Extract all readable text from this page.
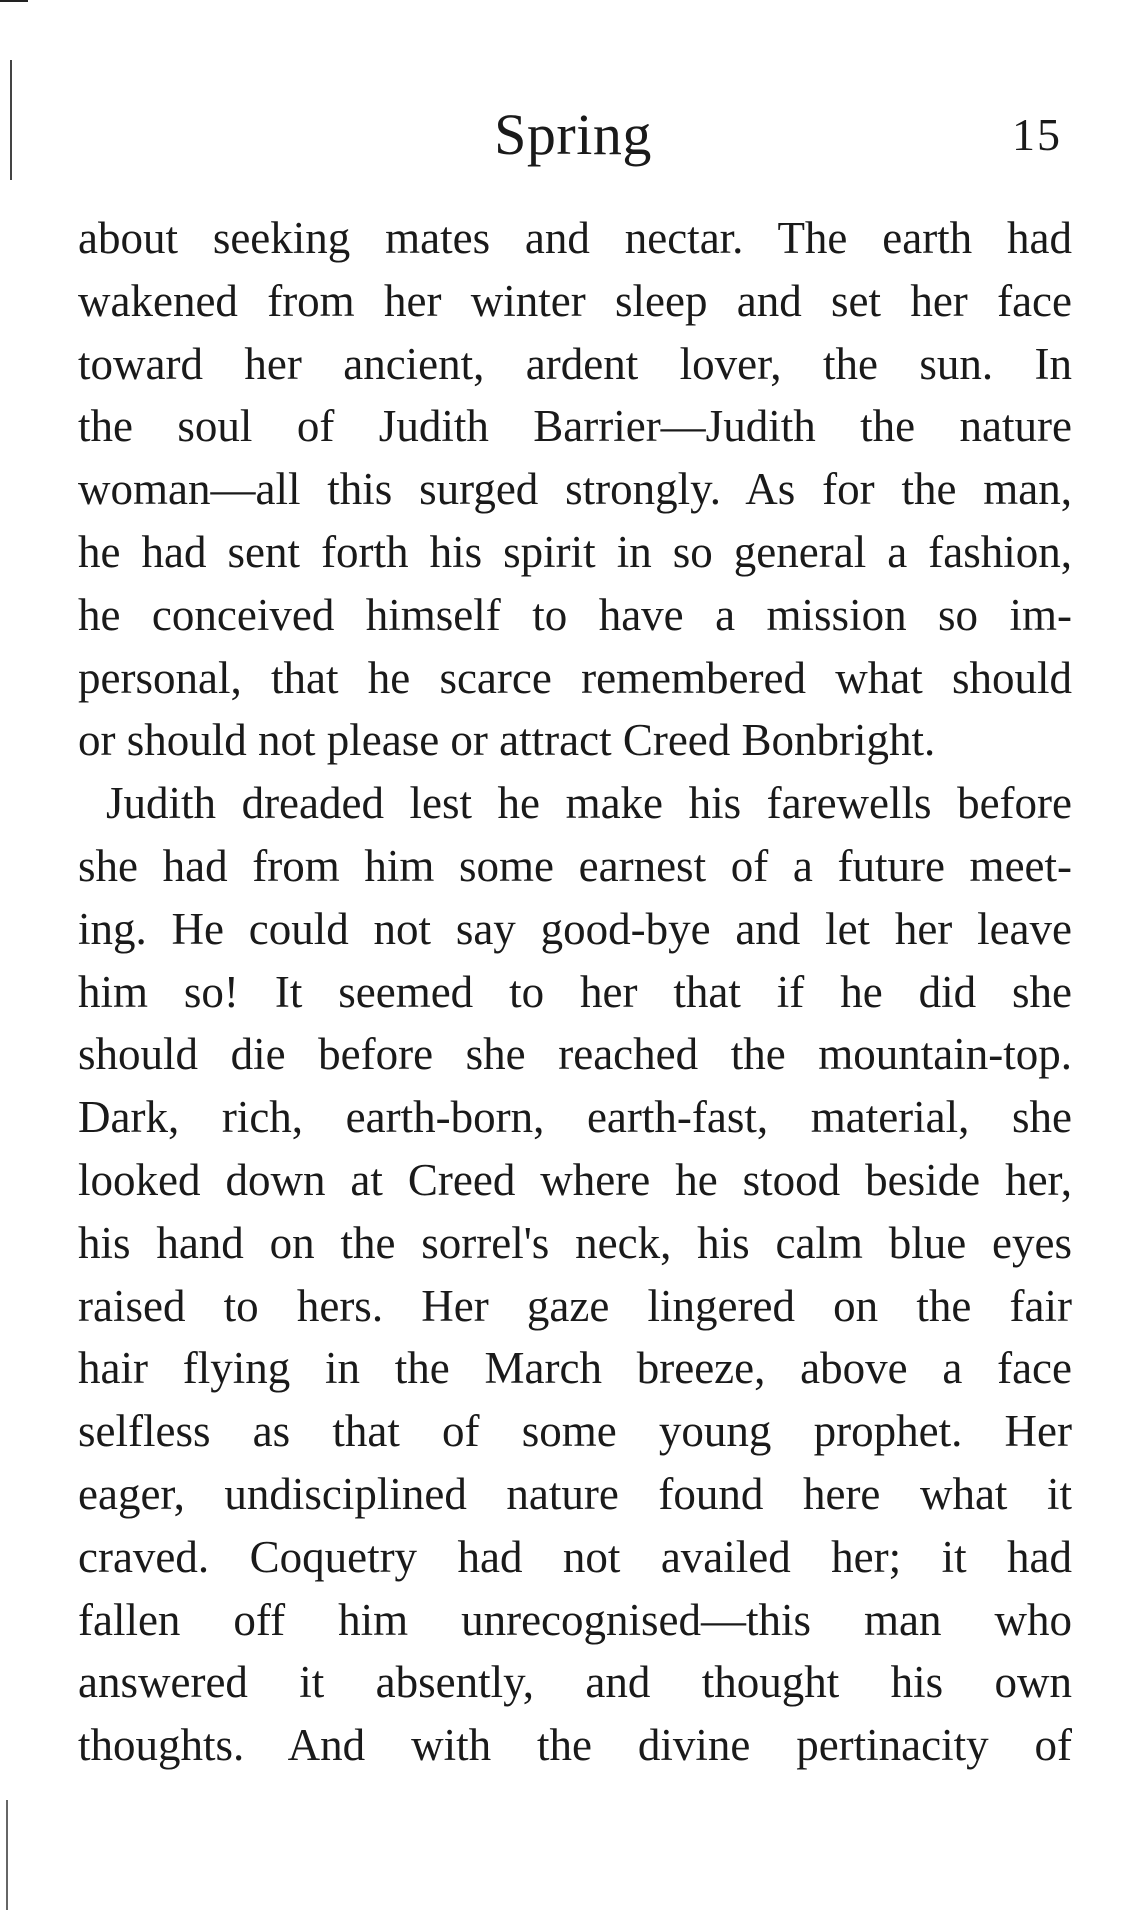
Spring	15
about seeking mates and nectar. The earth had
wakened from her winter sleep and set her face
toward her ancient, ardent lover, the sun. In
the soul of Judith Barrier—Judith the nature
woman—all this surged strongly. As for the man,
he had sent forth his spirit in so general a fashion,
he conceived himself to have a mission so im-
personal, that he scarce remembered what should
or should not please or attract Creed Bonbright.
Judith dreaded lest he make his farewells before
she had from him some earnest of a future meet-
ing. He could not say good-bye and let her leave
him so! It seemed to her that if he did she
should die before she reached the mountain-top.
Dark, rich, earth-born, earth-fast, material, she
looked down at Creed where he stood beside her,
his hand on the sorrel's neck, his calm blue eyes
raised to hers. Her gaze lingered on the fair
hair flying in the March breeze, above a face
selfless as that of some young prophet. Her
eager, undisciplined nature found here what it
craved. Coquetry had not availed her; it had
fallen off him unrecognised—this man who
answered it absently, and thought his own
thoughts. And with the divine pertinacity of
